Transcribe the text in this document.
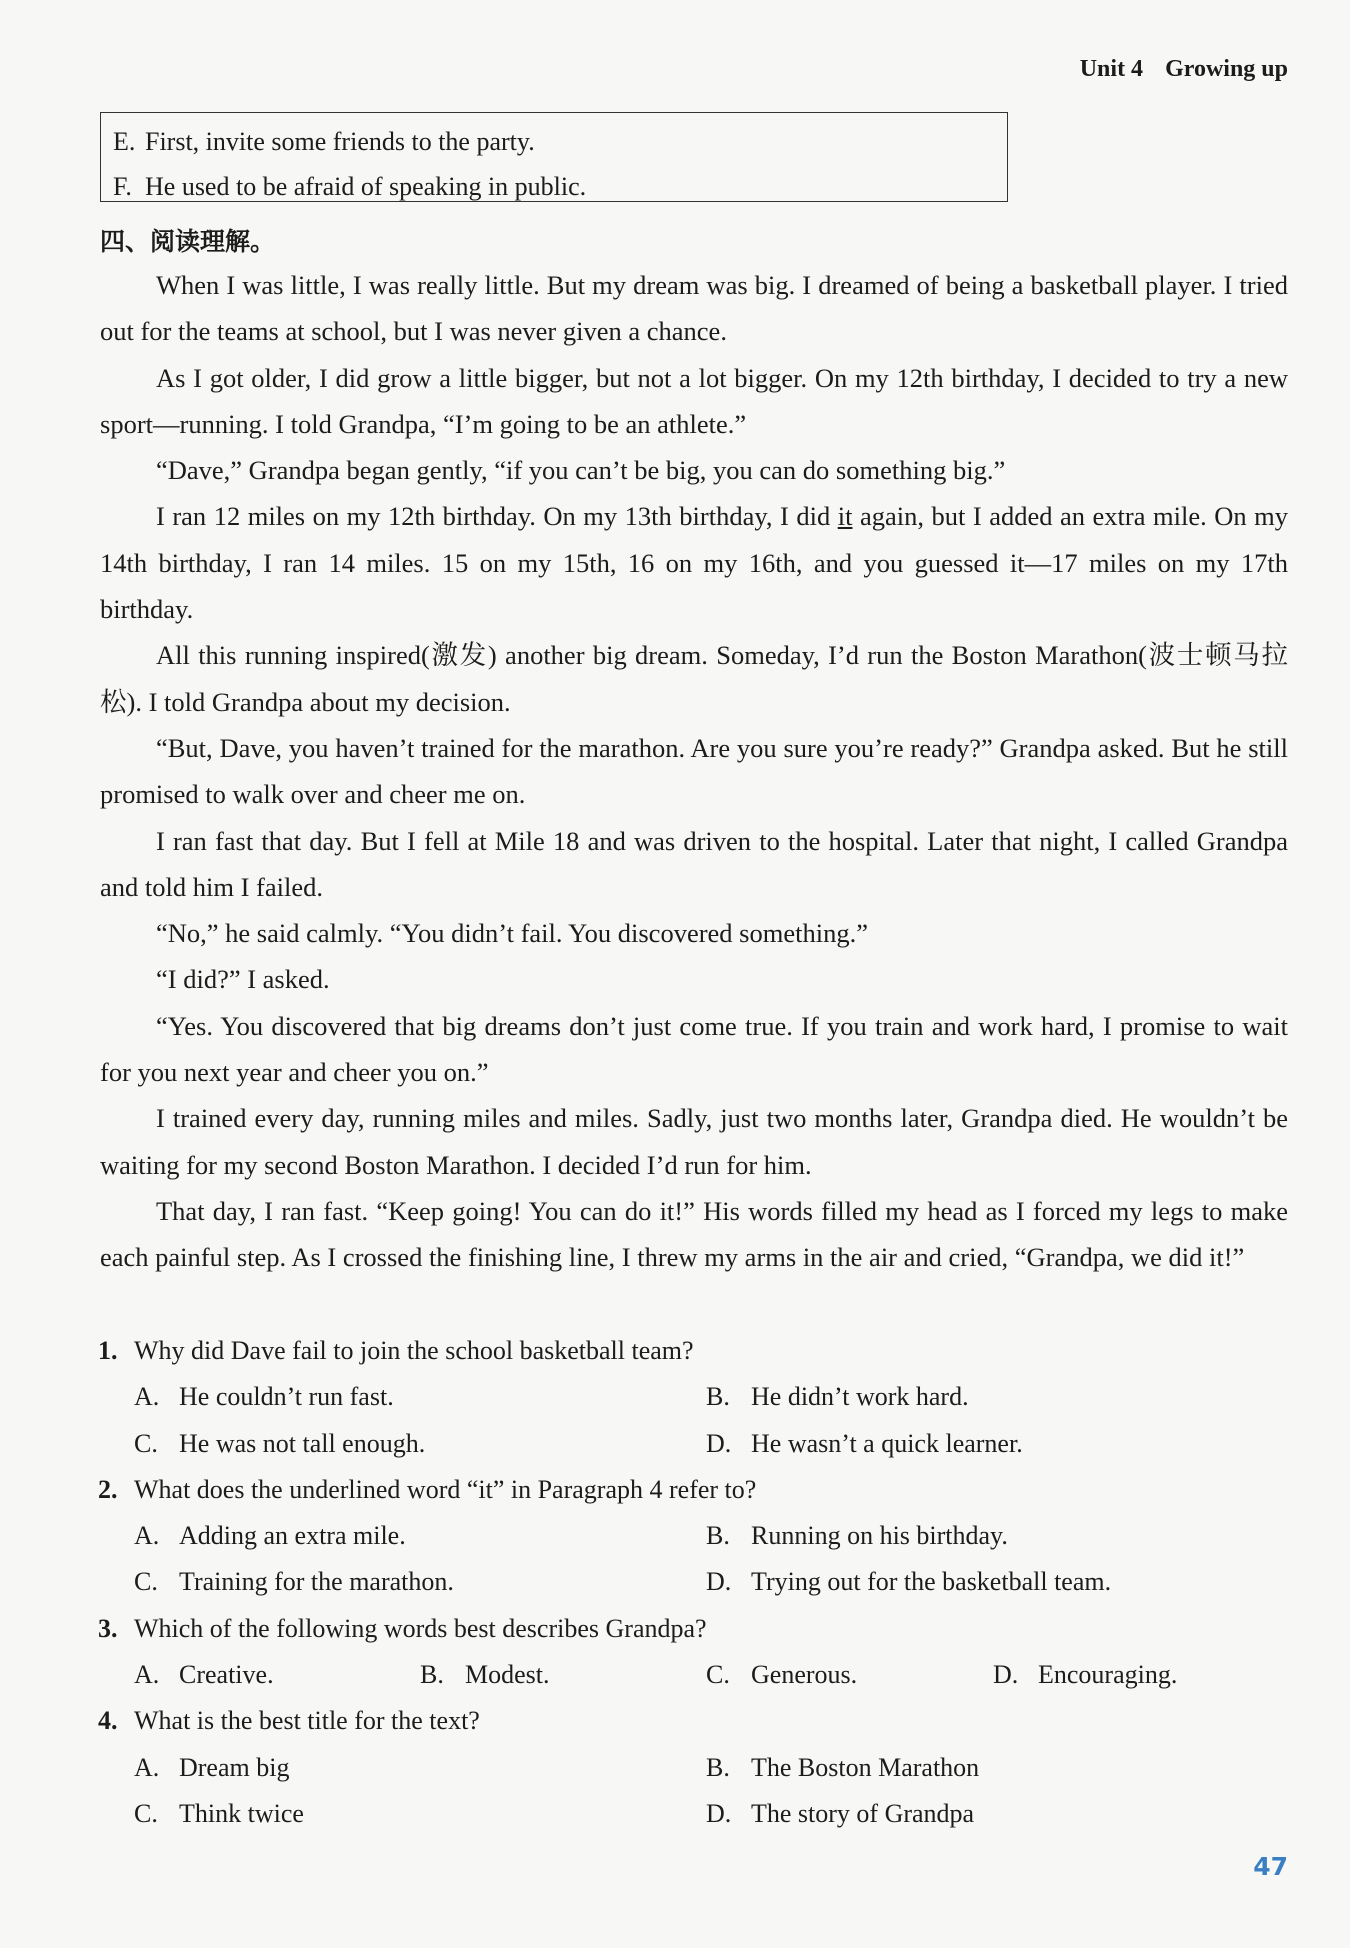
Unit 4 Growing up
E. First, invite some friends to the party.
F. He used to be afraid of speaking in public.
四、阅读理解。

When I was little, I was really little. But my dream was big. I dreamed of being a basketball player. I tried out for the teams at school, but I was never given a chance.

As I got older, I did grow a little bigger, but not a lot bigger. On my 12th birthday, I decided to try a new sport—running. I told Grandpa, “I’m going to be an athlete.”

“Dave,” Grandpa began gently, “if you can’t be big, you can do something big.”

I ran 12 miles on my 12th birthday. On my 13th birthday, I did it again, but I added an extra mile. On my 14th birthday, I ran 14 miles. 15 on my 15th, 16 on my 16th, and you guessed it—17 miles on my 17th birthday.

All this running inspired(激发) another big dream. Someday, I’d run the Boston Marathon(波士顿马拉松). I told Grandpa about my decision.

“But, Dave, you haven’t trained for the marathon. Are you sure you’re ready?” Grandpa asked. But he still promised to walk over and cheer me on.

I ran fast that day. But I fell at Mile 18 and was driven to the hospital. Later that night, I called Grandpa and told him I failed.

“No,” he said calmly. “You didn’t fail. You discovered something.”

“I did?” I asked.

“Yes. You discovered that big dreams don’t just come true. If you train and work hard, I promise to wait for you next year and cheer you on.”

I trained every day, running miles and miles. Sadly, just two months later, Grandpa died. He wouldn’t be waiting for my second Boston Marathon. I decided I’d run for him.

That day, I ran fast. “Keep going! You can do it!” His words filled my head as I forced my legs to make each painful step. As I crossed the finishing line, I threw my arms in the air and cried, “Grandpa, we did it!”

1. Why did Dave fail to join the school basketball team?
A. He couldn’t run fast.	B. He didn’t work hard.
C. He was not tall enough.	D. He wasn’t a quick learner.
2. What does the underlined word “it” in Paragraph 4 refer to?
A. Adding an extra mile.	B. Running on his birthday.
C. Training for the marathon.	D. Trying out for the basketball team.
3. Which of the following words best describes Grandpa?
A. Creative.	B. Modest.	C. Generous.	D. Encouraging.
4. What is the best title for the text?
A. Dream big	B. The Boston Marathon
C. Think twice	D. The story of Grandpa
47
